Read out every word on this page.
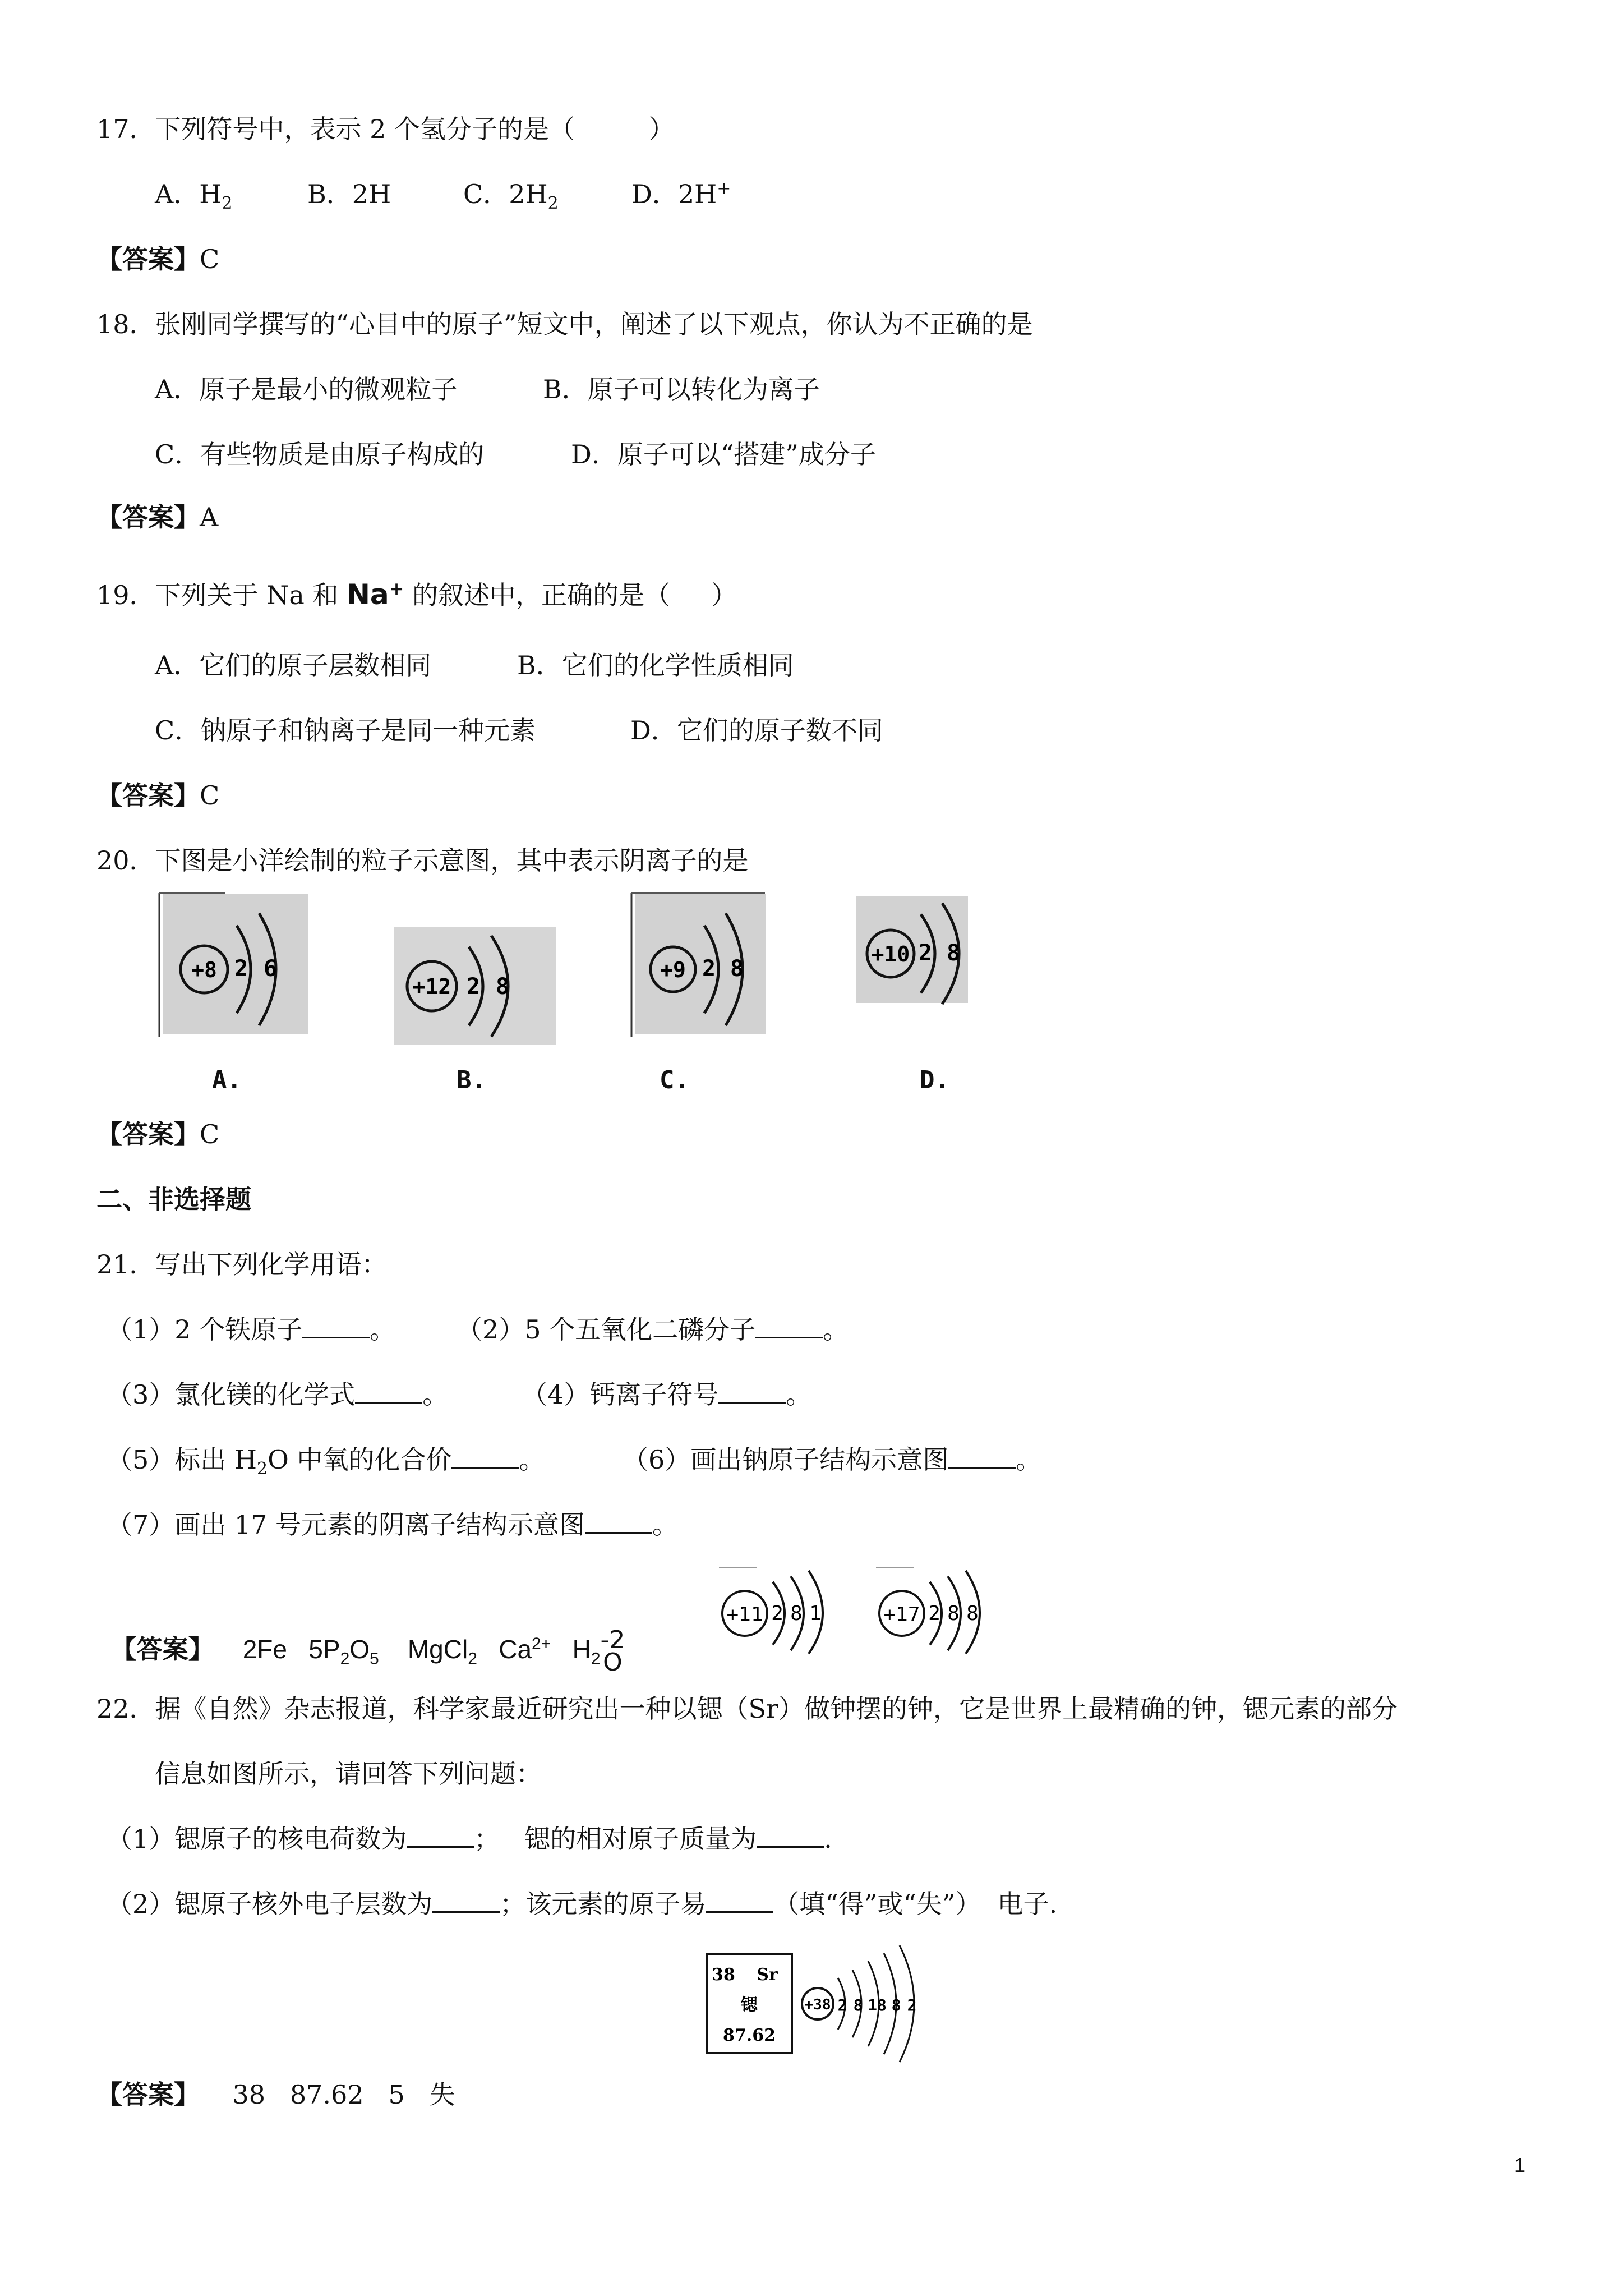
17．下列符号中，表示 2 个氢分子的是（         ）
A．$H_2$	B．2H	C．$2H_2$	D．2H+
【答案】C
18．张刚同学撰写的“心目中的原子”短文中，阐述了以下观点，你认为不正确的是
A．原子是最小的微观粒子	B．原子可以转化为离子
C．有些物质是由原子构成的	D．原子可以“搭建”成分子
【答案】A
19．下列关于 Na 和 Na+ 的叙述中，正确的是（     ）
A．它们的原子层数相同	B．它们的化学性质相同
C．钠原子和钠离子是同一种元素	D．它们的原子数不同
【答案】C
20．下图是小洋绘制的粒子示意图，其中表示阴离子的是
+8 2 6
+12 2 8
+9 2 8
+10 2 8
A.	B.	C.	D.
【答案】C
二、非选择题
21．写出下列化学用语：
（1）2 个铁原子	。 （2）5 个五氧化二磷分子	。
（3）氯化镁的化学式	。	（4）钙离子符号	。
（5）标出 $H_2O$ 中氧的化合价	。	（6）画出钠原子结构示意图	。
（7）画出 17 号元素的阴离子结构示意图	。

【答案】 2Fe $5P_2O_5$ MgCl$_2$ $Ca^{2+}$ $H_2-2$
O

+11 2 8 1	+17 2 8 8
22．据《自然》杂志报道，科学家最近研究出一种以锶（Sr）做钟摆的钟，它是世界上最精确的钟，锶元素的部分
信息如图所示，请回答下列问题：
（1）锶原子的核电荷数为	；   锶的相对原子质量为	.
（2）锶原子核外电子层数为	；该元素的原子易	（填“得”或“失”）  电子.
38 Sr
锶
87.62
+38 2 8 18 8 2
【答案】 38   87.62   5   失
1
